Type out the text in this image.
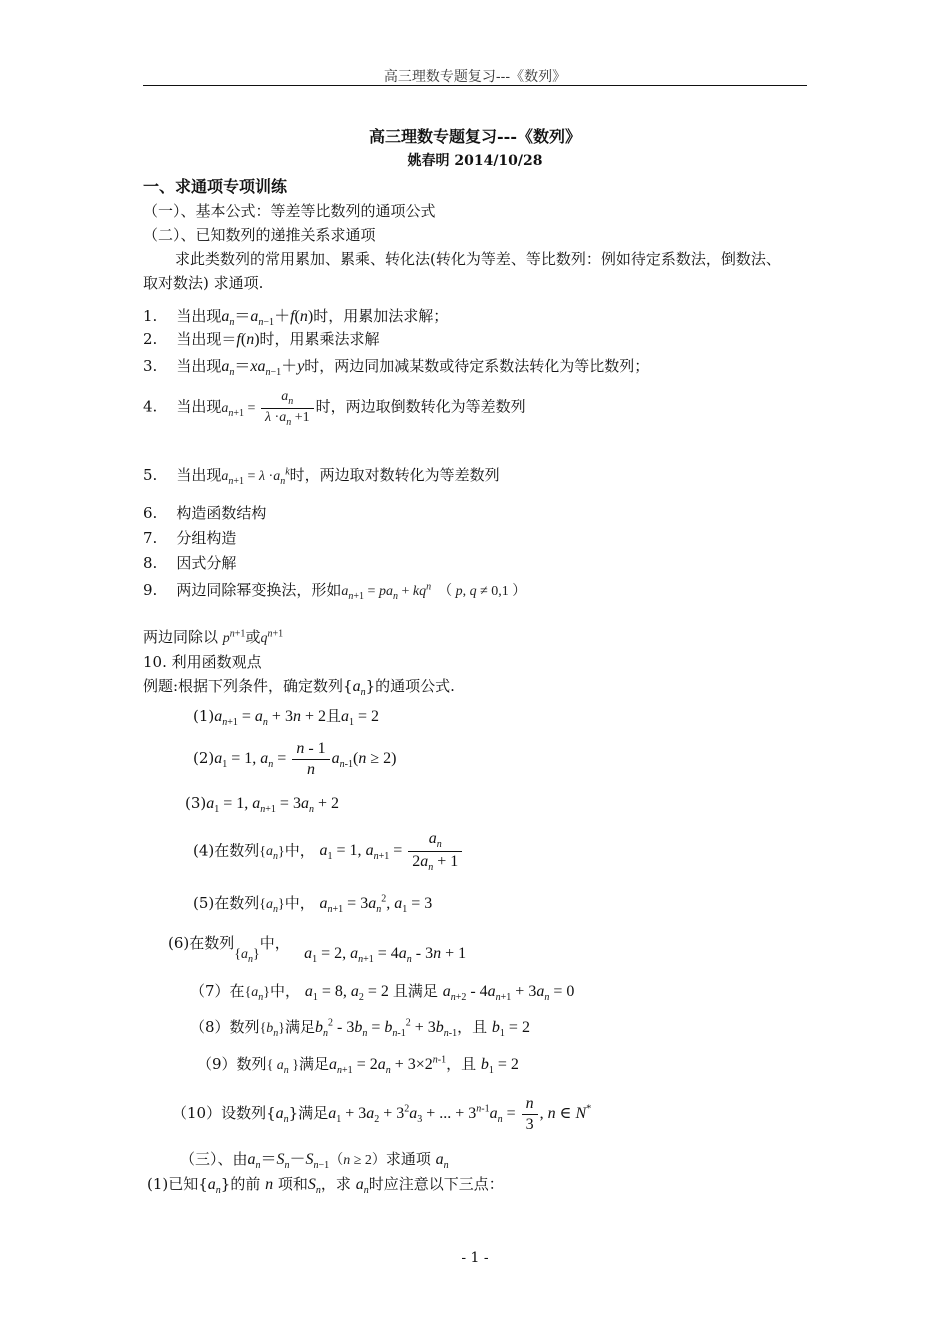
高三理数专题复习---《数列》
高三理数专题复习---《数列》
姚春明 2014/10/28
一、求通项专项训练
（一）、基本公式：等差等比数列的通项公式
（二）、已知数列的递推关系求通项
求此类数列的常用累加、累乘、转化法(转化为等差、等比数列：例如待定系数法，倒数法、
取对数法) 求通项.
1. 当出现$a_n=a_{n-1}+f(n)$时，用累加法求解；
2. 当出现＝f(n)时，用累乘法求解
3. 当出现$a_n=xa_{n-1}+y$时，两边同加减某数或待定系数法转化为等比数列；
4. 当出现$a_{n+1} = \frac{a_n}{\lambda \cdot a_n +1}$ 时，两边取倒数转化为等差数列
5. 当出现$a_{n+1} = \lambda \cdot a_n^k$时，两边取对数转化为等差数列
6. 构造函数结构
7. 分组构造
8. 因式分解
9. 两边同除幂变换法，形如$a_{n+1} = pa_n + kq^n$  （ p, q ≠ 0,1 ）
两边同除以 $p^{n+1}$或$q^{n+1}$
10. 利用函数观点
例题:根据下列条件，确定数列$\{a_n\}$的通项公式.
$(1)a_{n+1} = a_n + 3n + 2$且$a_1 = 2$
$(2)a_1 = 1$, $a_n = \frac{n - 1}{n} a_{n-1}(n \ge 2)$
$(3)a_1 = 1$, $a_{n+1} = 3a_n + 2$
(4)在数列$\{a_n\}$中， $a_1 = 1$, $a_{n+1} = \frac{a_n}{2a_n + 1}$
(5)在数列$\{a_n\}$中， $a_{n+1} = 3a_n^2$, $a_1 = 3$
(6)在数列$\{a_n\}$中，   $a_1 = 2$, $a_{n+1} = 4a_n - 3n + 1$
（7）在$\{a_n\}$中， $a_1 = 8$, $a_2 = 2$ 且满足 $a_{n+2} - 4a_{n+1} + 3a_n = 0$
（8）数列$\{b_n\}$满足$b_n^2 - 3b_n = b_{n-1}^2 + 3b_{n-1}$，且 $b_1 = 2$
（9）数列{ $a_n$ }满足$a_{n+1} = 2a_n + 3\times 2^{n-1}$，且 $b_1 = 2$
（10）设数列$\{a_n\}$满足$a_1 + 3a_2 + 3^2a_3$ + ... + $3^{n-1}a_n = \frac{n}{3}$ , n ∈ N*
（三）、由$a_n=S_n-S_{n-1}(n \ge 2)$求通项 $a_n$
(1)已知$\{a_n\}$的前 n 项和$S_n$，求 $a_n$时应注意以下三点：
- 1 -
